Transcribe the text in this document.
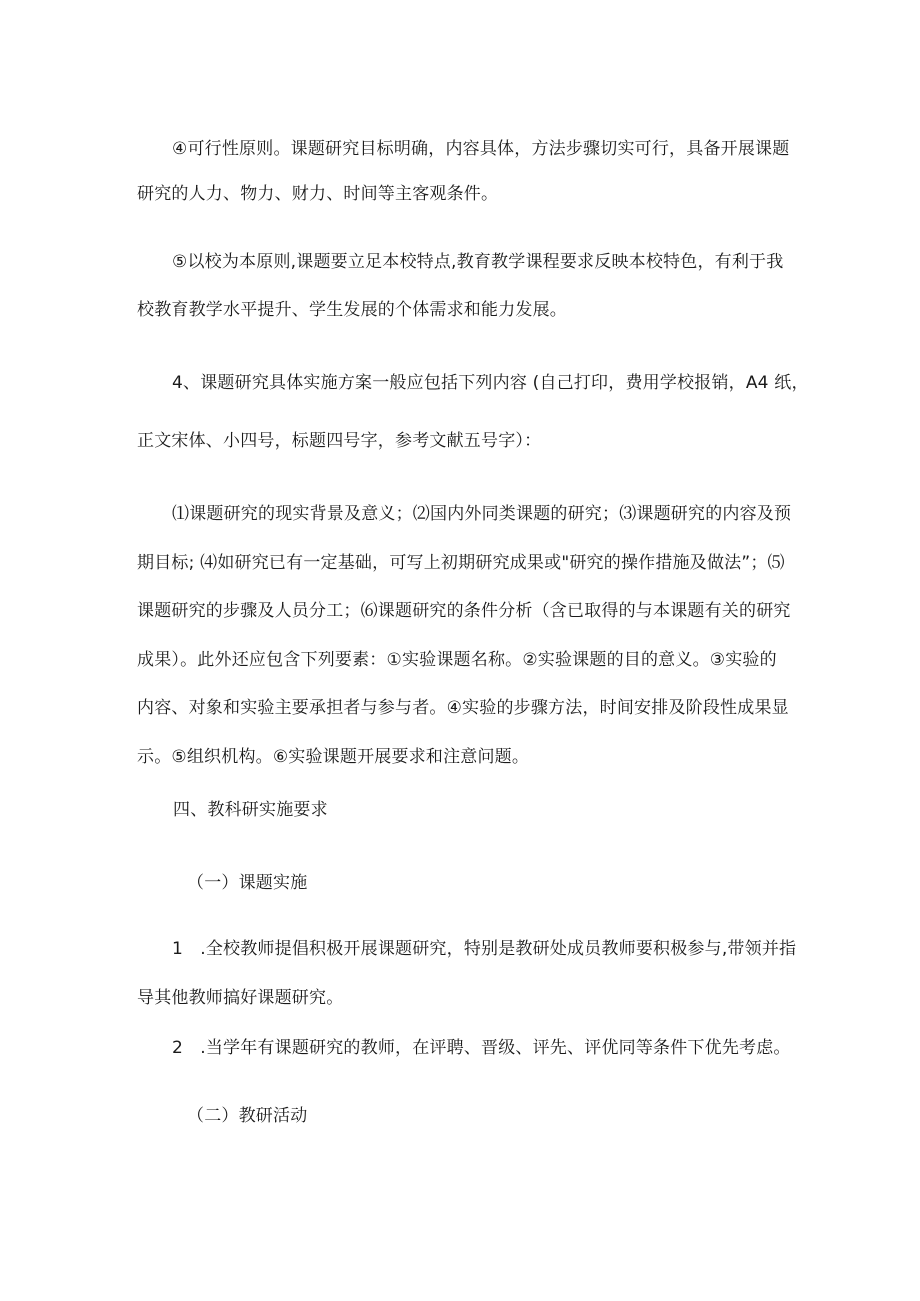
④可行性原则。课题研究目标明确，内容具体，方法步骤切实可行，具备开展课题
研究的人力、物力、财力、时间等主客观条件。

⑤以校为本原则,课题要立足本校特点,教育教学课程要求反映本校特色，有利于我
校教育教学水平提升、学生发展的个体需求和能力发展。

4、课题研究具体实施方案一般应包括下列内容 (自己打印，费用学校报销，A4 纸，
正文宋体、小四号，标题四号字，参考文献五号字）：

⑴课题研究的现实背景及意义；⑵国内外同类课题的研究；⑶课题研究的内容及预
期目标; ⑷如研究已有一定基础，可写上初期研究成果或"研究的操作措施及做法”；⑸
课题研究的步骤及人员分工；⑹课题研究的条件分析（含已取得的与本课题有关的研究
成果）。此外还应包含下列要素：①实验课题名称。②实验课题的目的意义。③实验的
内容、对象和实验主要承担者与参与者。④实验的步骤方法，时间安排及阶段性成果显
示。⑤组织机构。⑥实验课题开展要求和注意问题。

四、教科研实施要求

（一）课题实施

1　.全校教师提倡积极开展课题研究，特别是教研处成员教师要积极参与,带领并指
导其他教师搞好课题研究。

2　.当学年有课题研究的教师，在评聘、晋级、评先、评优同等条件下优先考虑。

（二）教研活动
